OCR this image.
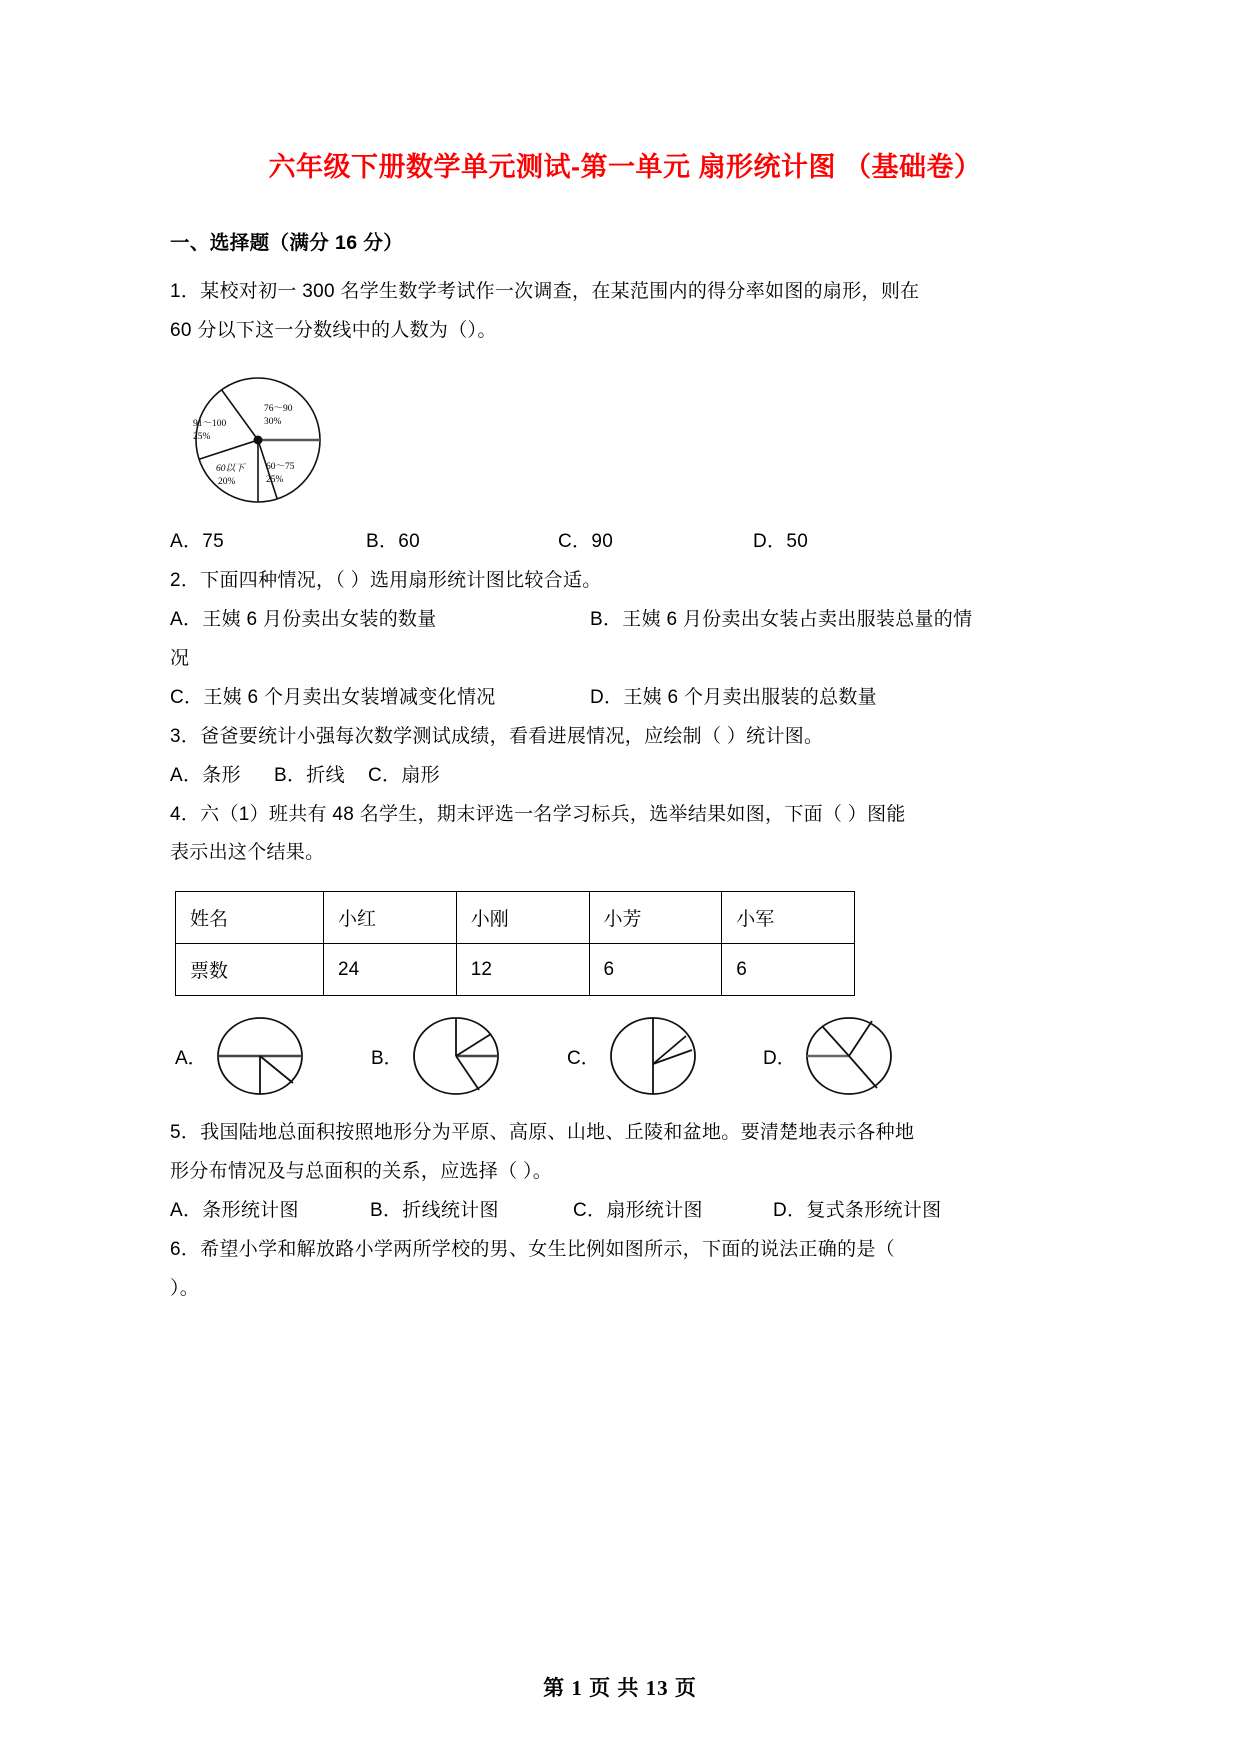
六年级下册数学单元测试-第一单元 扇形统计图 （基础卷）
一、选择题（满分 16 分）
1．某校对初一 300 名学生数学考试作一次调查，在某范围内的得分率如图的扇形，则在
60 分以下这一分数线中的人数为（）。
76～90
30%
60～75
25%
60以下
20%
91～100
25%
A．75	B．60	C．90	D．50
2．下面四种情况，（ ）选用扇形统计图比较合适。
A．王姨 6 月份卖出女装的数量	B．王姨 6 月份卖出女装占卖出服装总量的情
况
C．王姨 6 个月卖出女装增减变化情况	D．王姨 6 个月卖出服装的总数量
3．爸爸要统计小强每次数学测试成绩，看看进展情况，应绘制（ ）统计图。
A．条形	B．折线	C．扇形
4．六（1）班共有 48 名学生，期末评选一名学习标兵，选举结果如图，下面（ ）图能
表示出这个结果。
姓名	小红	小刚	小芳	小军
票数	24	12	6	6
A．	B．	C．	D．
5．我国陆地总面积按照地形分为平原、高原、山地、丘陵和盆地。要清楚地表示各种地
形分布情况及与总面积的关系，应选择（ ）。
A．条形统计图	B．折线统计图	C．扇形统计图	D．复式条形统计图
6．希望小学和解放路小学两所学校的男、女生比例如图所示，下面的说法正确的是（
）。
第 1 页 共 13 页
